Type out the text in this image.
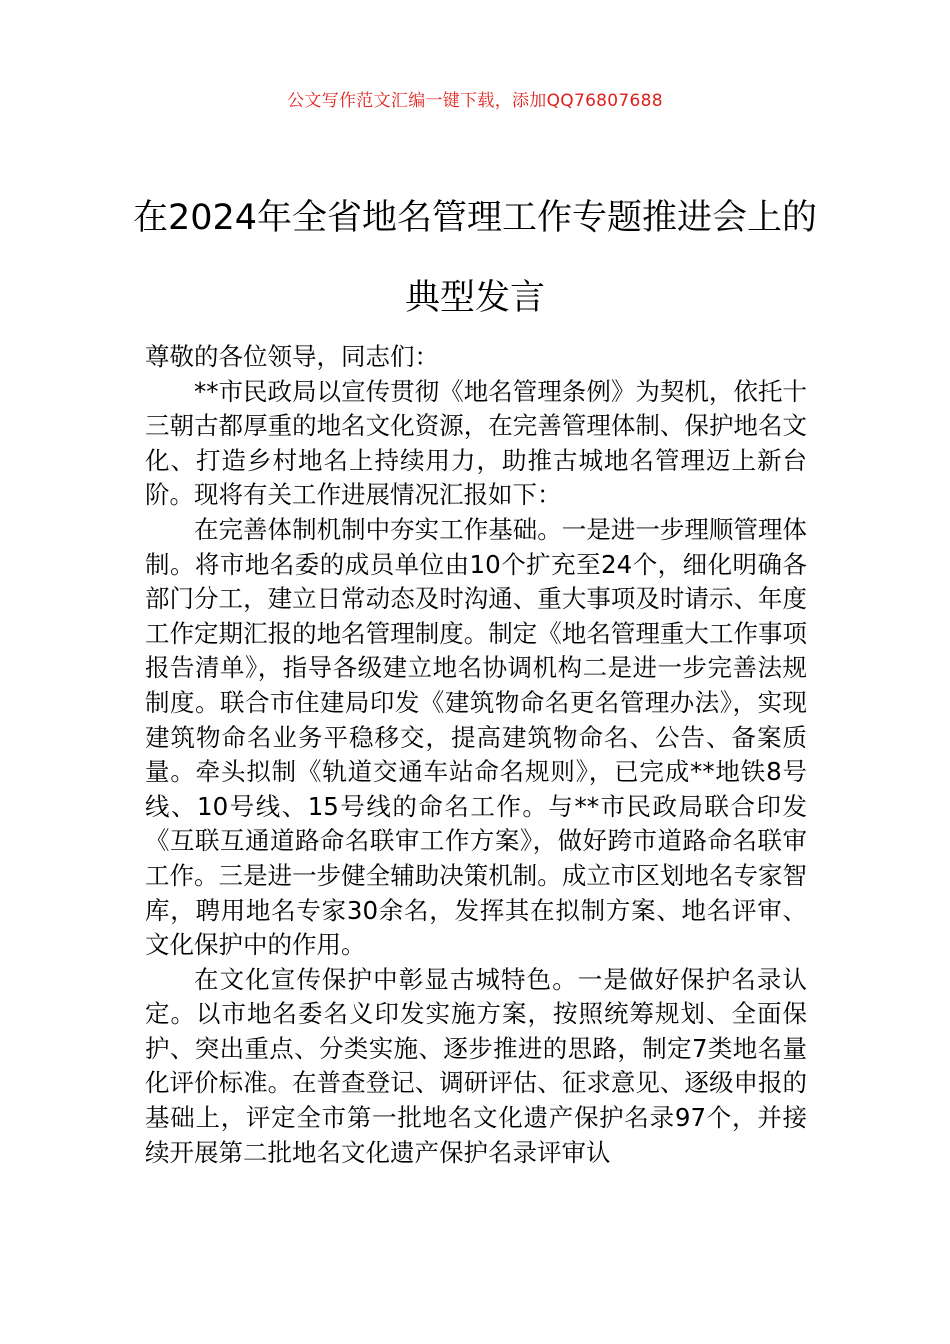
公文写作范文汇编一键下载，添加QQ76807688
在2024年全省地名管理工作专题推进会上的典型发言

尊敬的各位领导，同志们：

**市民政局以宣传贯彻《地名管理条例》为契机，依托十三朝古都厚重的地名文化资源，在完善管理体制、保护地名文化、打造乡村地名上持续用力，助推古城地名管理迈上新台阶。现将有关工作进展情况汇报如下：

在完善体制机制中夯实工作基础。一是进一步理顺管理体制。将市地名委的成员单位由10个扩充至24个，细化明确各部门分工，建立日常动态及时沟通、重大事项及时请示、年度工作定期汇报的地名管理制度。制定《地名管理重大工作事项报告清单》，指导各级建立地名协调机构二是进一步完善法规制度。联合市住建局印发《建筑物命名更名管理办法》，实现建筑物命名业务平稳移交，提高建筑物命名、公告、备案质量。牵头拟制《轨道交通车站命名规则》，已完成**地铁8号线、10号线、15号线的命名工作。与**市民政局联合印发《互联互通道路命名联审工作方案》，做好跨市道路命名联审工作。三是进一步健全辅助决策机制。成立市区划地名专家智库，聘用地名专家30余名，发挥其在拟制方案、地名评审、文化保护中的作用。

在文化宣传保护中彰显古城特色。一是做好保护名录认定。以市地名委名义印发实施方案，按照统筹规划、全面保护、突出重点、分类实施、逐步推进的思路，制定7类地名量化评价标准。在普查登记、调研评估、征求意见、逐级申报的基础上，评定全市第一批地名文化遗产保护名录97个，并接续开展第二批地名文化遗产保护名录评审认
